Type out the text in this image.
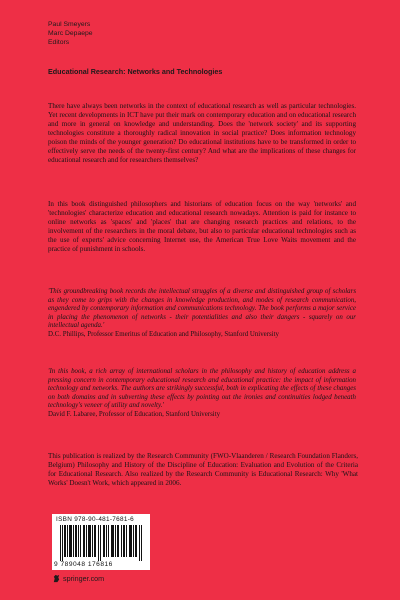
Paul Smeyers
Marc Depaepe
Editors
Educational Research: Networks and Technologies
There have always been networks in the context of educational research as well as particular technologies. Yet recent developments in ICT have put their mark on contemporary education and on educational research and more in general on knowledge and understanding. Does the 'network society' and its supporting technologies constitute a thoroughly radical innovation in social practice? Does information technology poison the minds of the younger generation? Do educational institutions have to be transformed in order to effectively serve the needs of the twenty-first century? And what are the implications of these changes for educational research and for researchers themselves?
In this book distinguished philosophers and historians of education focus on the way 'networks' and 'technologies' characterize education and educational research nowadays. Attention is paid for instance to online networks as 'spaces' and 'places' that are changing research practices and relations, to the involvement of the researchers in the moral debate, but also to particular educational technologies such as the use of experts' advice concerning Internet use, the American True Love Waits movement and the practice of punishment in schools.
'This groundbreaking book records the intellectual struggles of a diverse and distinguished group of scholars as they come to grips with the changes in knowledge production, and modes of research communication, engendered by contemporary information and communications technology. The book performs a major service in placing the phenomenon of networks - their potentialities and also their dangers - squarely on our intellectual agenda.'
D.C. Phillips, Professor Emeritus of Education and Philosophy, Stanford University
'In this book, a rich array of international scholars in the philosophy and history of education address a pressing concern in contemporary educational research and educational practice: the impact of information technology and networks. The authors are strikingly successful, both in explicating the effects of these changes on both domains and in subverting these effects by pointing out the ironies and continuities lodged beneath technology's veneer of utility and novelty.'
David F. Labaree, Professor of Education, Stanford University
This publication is realized by the Research Community (FWO-Vlaanderen / Research Foundation Flanders, Belgium) Philosophy and History of the Discipline of Education: Evaluation and Evolution of the Criteria for Educational Research. Also realized by the Research Community is Educational Research: Why 'What Works' Doesn't Work, which appeared in 2006.
ISBN 978-90-481-7681-6
9 789048 176816
springer.com
